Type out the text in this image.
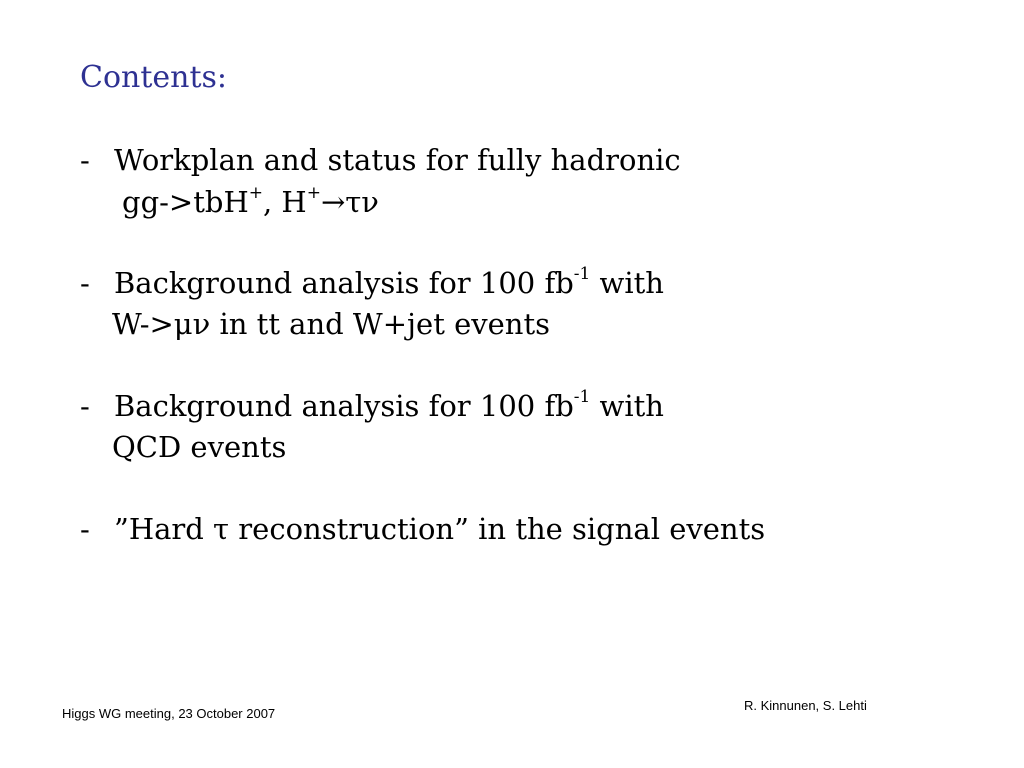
Contents:
- Workplan and status for fully hadronic
gg->tbH+, H+→τν
- Background analysis for 100 $fb^{-1}$ with
W->μν in tt and W+jet events
- Background analysis for 100 $fb^{-1}$ with
QCD events
- ”Hard τ reconstruction” in the signal events
R. Kinnunen, S. Lehti
Higgs WG meeting, 23 October 2007
